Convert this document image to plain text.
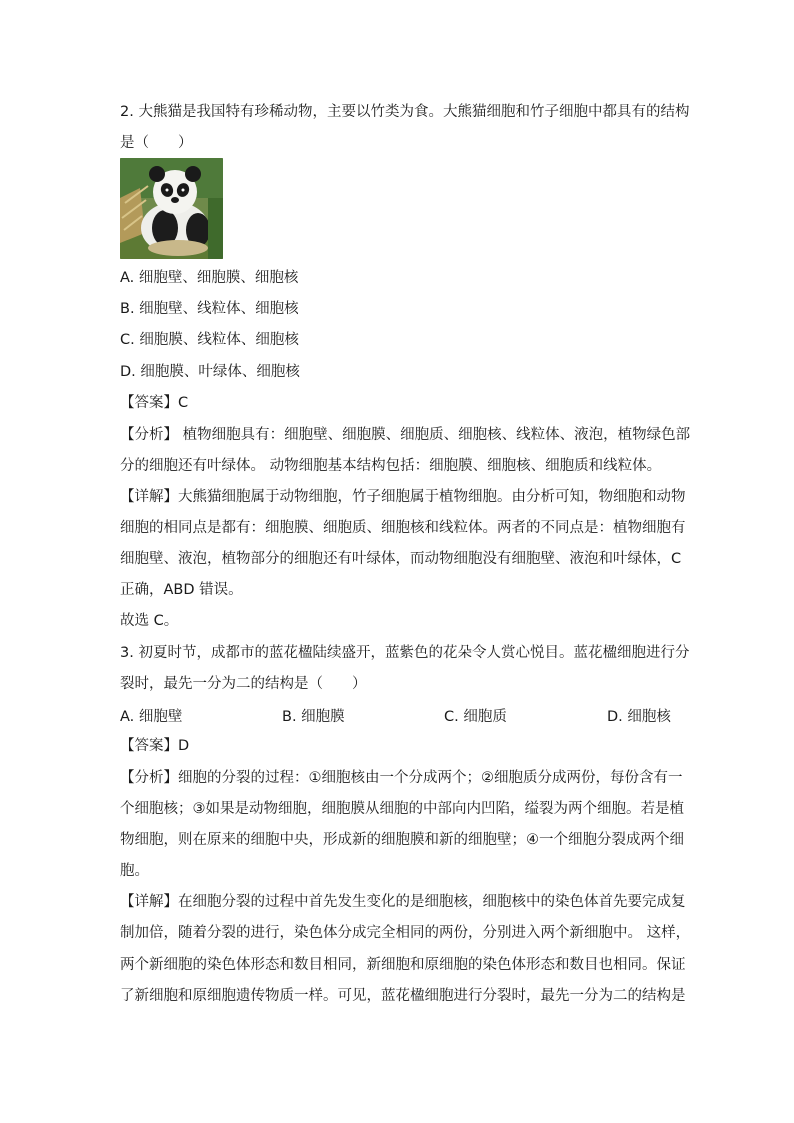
2. 大熊猫是我国特有珍稀动物，主要以竹类为食。大熊猫细胞和竹子细胞中都具有的结构
是（　　）
A. 细胞壁、细胞膜、细胞核
B. 细胞壁、线粒体、细胞核
C. 细胞膜、线粒体、细胞核
D. 细胞膜、叶绿体、细胞核
【答案】C
【分析】 植物细胞具有：细胞壁、细胞膜、细胞质、细胞核、线粒体、液泡，植物绿色部
分的细胞还有叶绿体。 动物细胞基本结构包括：细胞膜、细胞核、细胞质和线粒体。
【详解】大熊猫细胞属于动物细胞，竹子细胞属于植物细胞。由分析可知，物细胞和动物
细胞的相同点是都有：细胞膜、细胞质、细胞核和线粒体。两者的不同点是：植物细胞有
细胞壁、液泡，植物部分的细胞还有叶绿体，而动物细胞没有细胞壁、液泡和叶绿体，C
正确，ABD 错误。
故选 C。
3. 初夏时节，成都市的蓝花楹陆续盛开，蓝紫色的花朵令人赏心悦目。蓝花楹细胞进行分
裂时，最先一分为二的结构是（　　）
A. 细胞壁	B. 细胞膜	C. 细胞质	D. 细胞核
【答案】D
【分析】细胞的分裂的过程：①细胞核由一个分成两个；②细胞质分成两份，每份含有一
个细胞核；③如果是动物细胞，细胞膜从细胞的中部向内凹陷，缢裂为两个细胞。若是植
物细胞，则在原来的细胞中央，形成新的细胞膜和新的细胞壁；④一个细胞分裂成两个细
胞。
【详解】在细胞分裂的过程中首先发生变化的是细胞核，细胞核中的染色体首先要完成复
制加倍，随着分裂的进行，染色体分成完全相同的两份，分别进入两个新细胞中。 这样，
两个新细胞的染色体形态和数目相同，新细胞和原细胞的染色体形态和数目也相同。保证
了新细胞和原细胞遗传物质一样。可见，蓝花楹细胞进行分裂时，最先一分为二的结构是
